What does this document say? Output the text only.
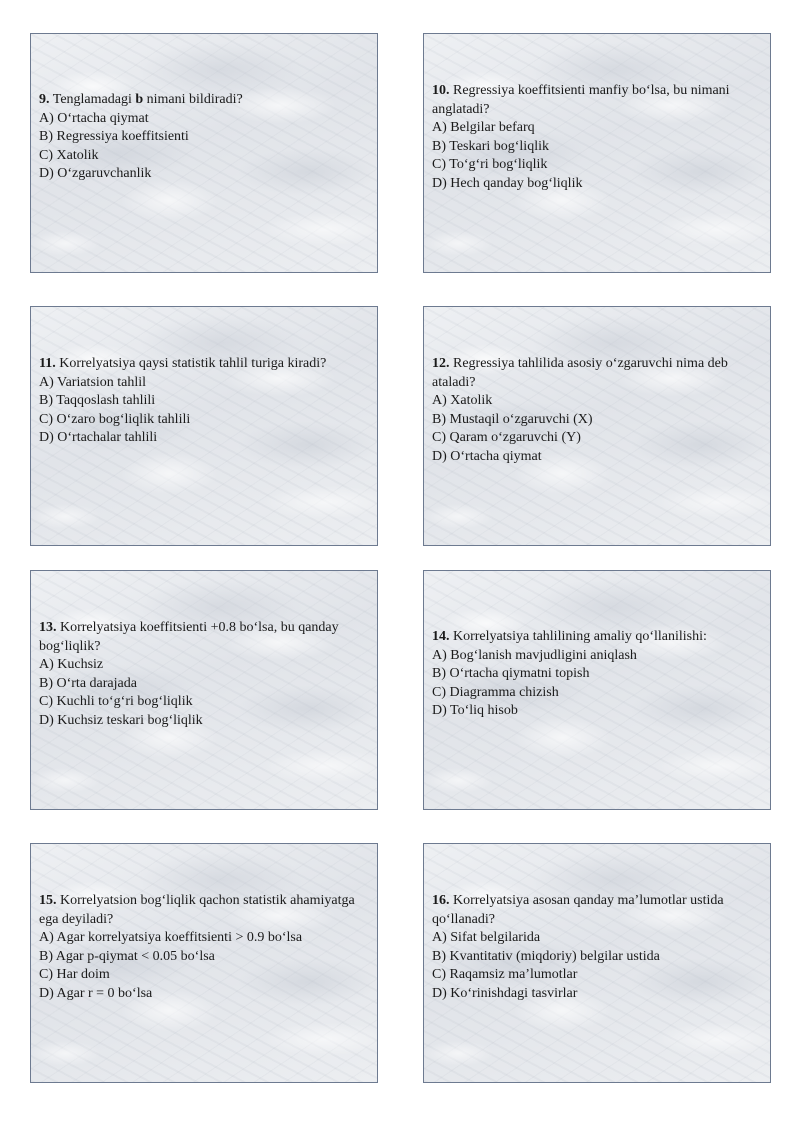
9. Tenglamadagi b nimani bildiradi?
A) O‘rtacha qiymat
B) Regressiya koeffitsienti
C) Xatolik
D) O‘zgaruvchanlik
10. Regressiya koeffitsienti manfiy bo‘lsa, bu nimani anglatadi?
A) Belgilar befarq
B) Teskari bog‘liqlik
C) To‘g‘ri bog‘liqlik
D) Hech qanday bog‘liqlik
11. Korrelyatsiya qaysi statistik tahlil turiga kiradi?
A) Variatsion tahlil
B) Taqqoslash tahlili
C) O‘zaro bog‘liqlik tahlili
D) O‘rtachalar tahlili
12. Regressiya tahlilida asosiy o‘zgaruvchi nima deb ataladi?
A) Xatolik
B) Mustaqil o‘zgaruvchi (X)
C) Qaram o‘zgaruvchi (Y)
D) O‘rtacha qiymat
13. Korrelyatsiya koeffitsienti +0.8 bo‘lsa, bu qanday bog‘liqlik?
A) Kuchsiz
B) O‘rta darajada
C) Kuchli to‘g‘ri bog‘liqlik
D) Kuchsiz teskari bog‘liqlik
14. Korrelyatsiya tahlilining amaliy qo‘llanilishi:
A) Bog‘lanish mavjudligini aniqlash
B) O‘rtacha qiymatni topish
C) Diagramma chizish
D) To‘liq hisob
15. Korrelyatsion bog‘liqlik qachon statistik ahamiyatga ega deyiladi?
A) Agar korrelyatsiya koeffitsienti > 0.9 bo‘lsa
B) Agar p-qiymat < 0.05 bo‘lsa
C) Har doim
D) Agar r = 0 bo‘lsa
16. Korrelyatsiya asosan qanday ma’lumotlar ustida qo‘llanadi?
A) Sifat belgilarida
B) Kvantitativ (miqdoriy) belgilar ustida
C) Raqamsiz ma’lumotlar
D) Ko‘rinishdagi tasvirlar
